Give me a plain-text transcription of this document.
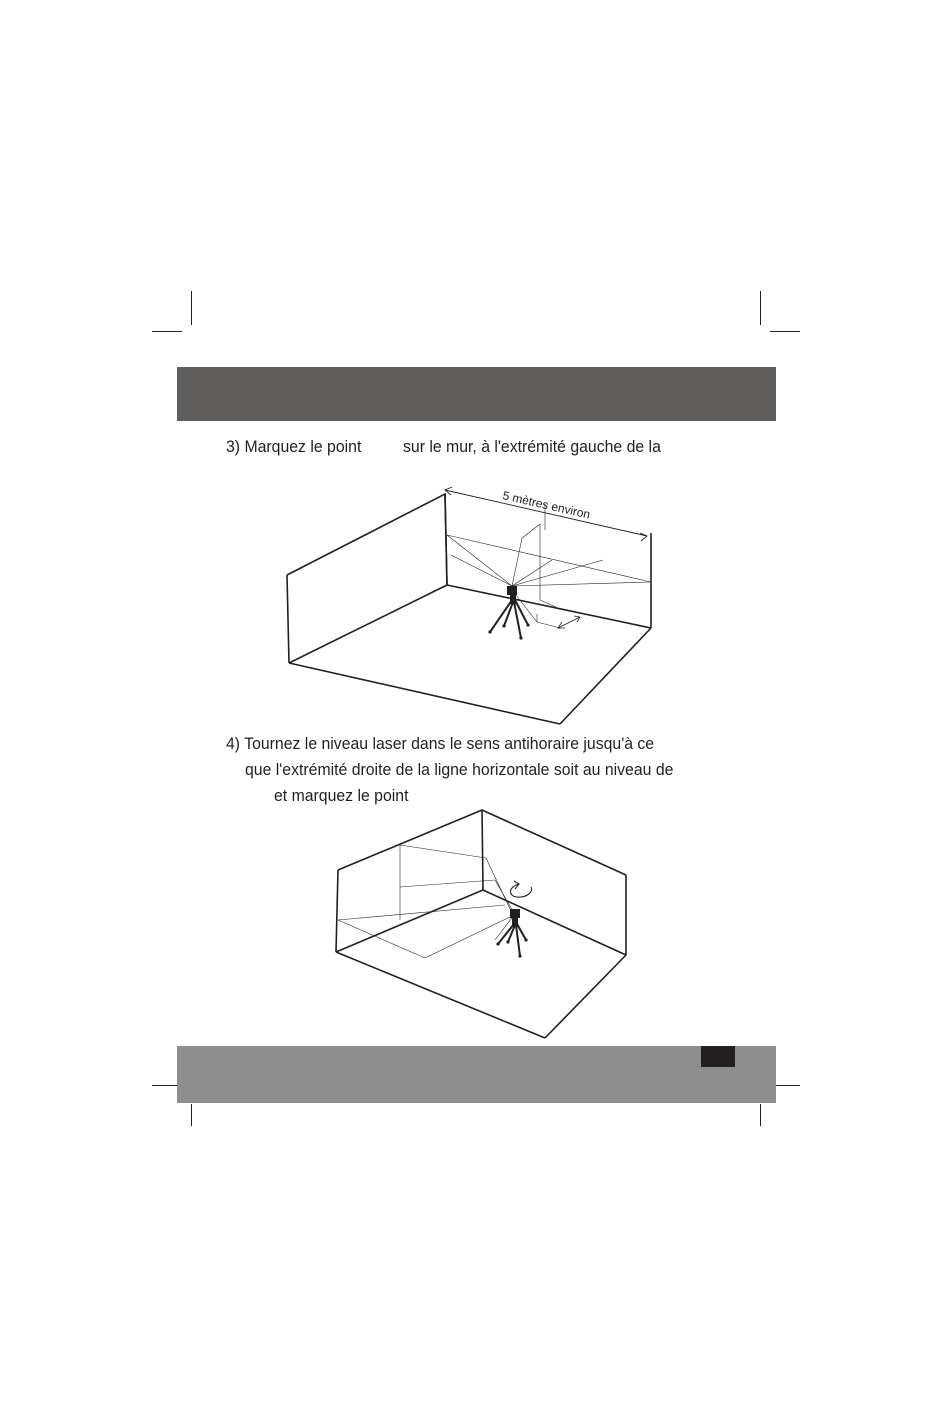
3) Marquez le point sur le mur, à l'extrémité gauche de la
5 mètres environ
4) Tournez le niveau laser dans le sens antihoraire jusqu'à ce
que l'extrémité droite de la ligne horizontale soit au niveau de
et marquez le point
